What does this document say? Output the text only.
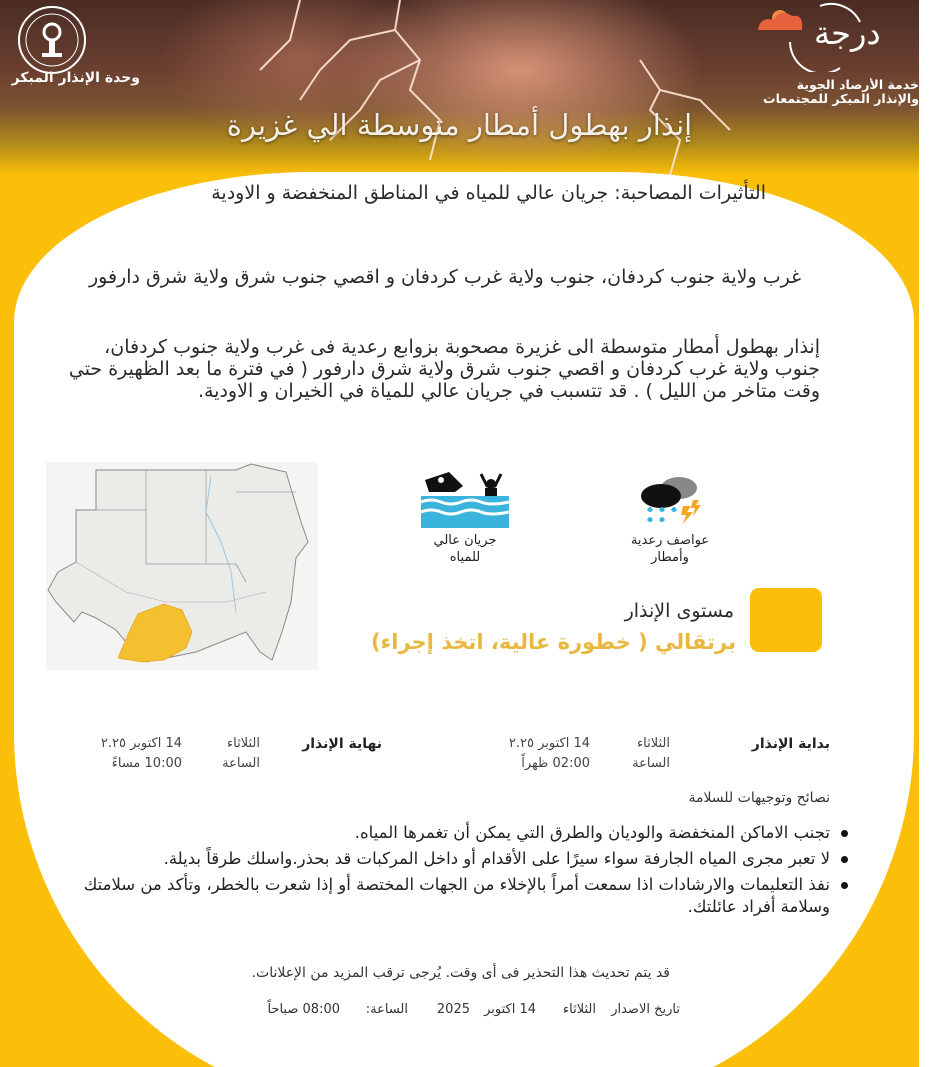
وحدة الإنذار المبكر
درجة
خدمة الأرصاد الجوية
والإنذار المبكر للمجتمعات
إنذار بهطول أمطار متوسطة الي غزيرة
التأثيرات المصاحبة: جريان عالي للمياه في المناطق المنخفضة و الاودية
غرب ولاية جنوب كردفان، جنوب ولاية غرب كردفان و اقصي جنوب شرق ولاية شرق دارفور
إنذار بهطول أمطار متوسطة الى غزيرة مصحوبة بزوابع رعدية فى غرب ولاية جنوب كردفان، جنوب ولاية غرب كردفان و اقصي جنوب شرق ولاية شرق دارفور ( في فترة ما بعد الظهيرة حتي وقت متاخر من الليل ) . قد تتسبب في جريان عالي للمياة في الخيران و الاودية.
جريان عالي
للمياه
عواصف رعدية
وأمطار
مستوى الإنذار
برتقالي ( خطورة عالية، اتخذ إجراء)
بداية الإنذار
الثلاثاء
الساعة
14 اكتوبر ٢.٢٥
02:00 ظهراً
نهاية الإنذار
الثلاثاء
الساعة
14 اكتوبر ٢.٢٥
10:00 مساءً
نصائح وتوجيهات للسلامة
تجنب الاماكن المنخفضة والوديان والطرق التي يمكن أن تغمرها المياه.
لا تعبر مجرى المياه الجارفة سواء سيرًا على الأقدام أو داخل المركبات قد بحذر.واسلك طرقاً بديلة.
نفذ التعليمات والارشادات اذا سمعت أمراً بالإخلاء من الجهات المختصة أو إذا شعرت بالخطر، وتأكد من سلامتك وسلامة أفراد عائلتك.
قد يتم تحديث هذا التحذير فى أى وقت. يُرجى ترقب المزيد من الإعلانات.
تاريخ الاصدار
الثلاثاء
14 اكتوبر
2025
الساعة:
08:00 صباحاً
